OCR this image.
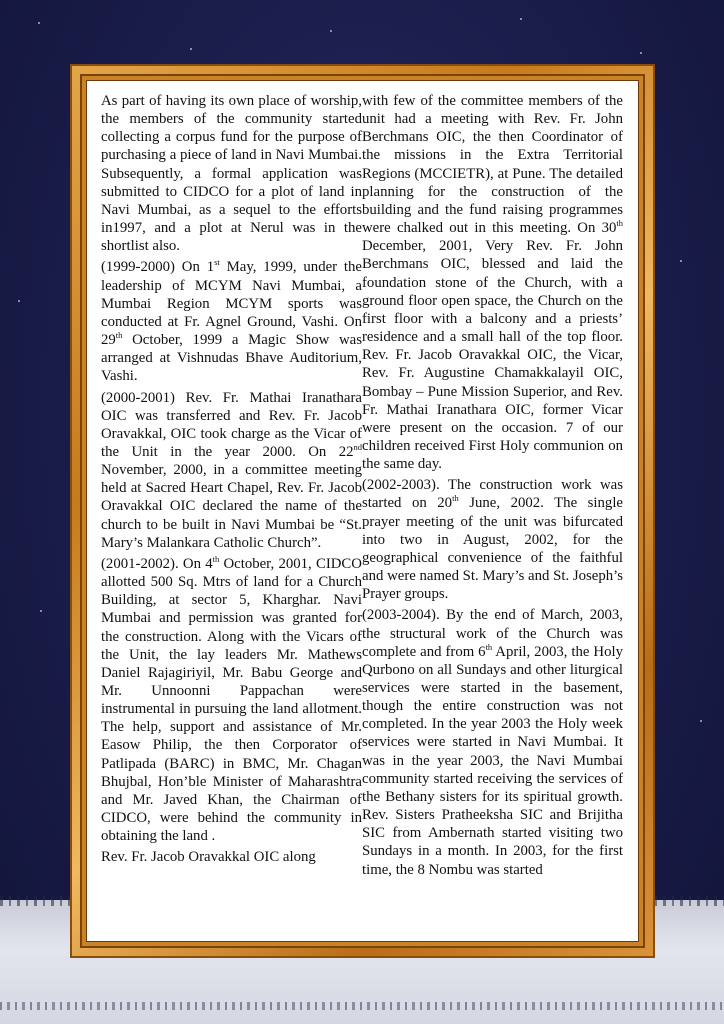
As part of having its own place of worship, the members of the community started collecting a corpus fund for the purpose of purchasing a piece of land in Navi Mumbai. Subsequently, a formal application was submitted to CIDCO for a plot of land in Navi Mumbai, as a sequel to the efforts in1997, and a plot at Nerul was in the shortlist also.

(1999-2000) On 1st May, 1999, under the leadership of MCYM Navi Mumbai, a Mumbai Region MCYM sports was conducted at Fr. Agnel Ground, Vashi. On 29th October, 1999 a Magic Show was arranged at Vishnudas Bhave Auditorium, Vashi.

(2000-2001) Rev. Fr. Mathai Iranathara OIC was transferred and Rev. Fr. Jacob Oravakkal, OIC took charge as the Vicar of the Unit in the year 2000. On 22nd November, 2000, in a committee meeting held at Sacred Heart Chapel, Rev. Fr. Jacob Oravakkal OIC declared the name of the church to be built in Navi Mumbai be “St. Mary’s Malankara Catholic Church”.

(2001-2002). On 4th October, 2001, CIDCO allotted 500 Sq. Mtrs of land for a Church Building, at sector 5, Kharghar. Navi Mumbai and permission was granted for the construction. Along with the Vicars of the Unit, the lay leaders Mr. Mathews Daniel Rajagiriyil, Mr. Babu George and Mr. Unnoonni Pappachan were instrumental in pursuing the land allotment. The help, support and assistance of Mr. Easow Philip, the then Corporator of Patlipada (BARC) in BMC, Mr. Chagan Bhujbal, Hon’ble Minister of Maharashtra and Mr. Javed Khan, the Chairman of CIDCO, were behind the community in obtaining the land .

Rev. Fr. Jacob Oravakkal OIC along

with few of the committee members of the unit had a meeting with Rev. Fr. John Berchmans OIC, the then Coordinator of the missions in the Extra Territorial Regions (MCCIETR), at Pune. The detailed planning for the construction of the building and the fund raising programmes were chalked out in this meeting. On 30th December, 2001, Very Rev. Fr. John Berchmans OIC, blessed and laid the foundation stone of the Church, with a ground floor open space, the Church on the first floor with a balcony and a priests’ residence and a small hall of the top floor. Rev. Fr. Jacob Oravakkal OIC, the Vicar, Rev. Fr. Augustine Chamakkalayil OIC, Bombay – Pune Mission Superior, and Rev. Fr. Mathai Iranathara OIC, former Vicar were present on the occasion. 7 of our children received First Holy communion on the same day.

(2002-2003). The construction work was started on 20th June, 2002. The single prayer meeting of the unit was bifurcated into two in August, 2002, for the geographical convenience of the faithful and were named St. Mary’s and St. Joseph’s Prayer groups.

(2003-2004). By the end of March, 2003, the structural work of the Church was complete and from 6th April, 2003, the Holy Qurbono on all Sundays and other liturgical services were started in the basement, though the entire construction was not completed. In the year 2003 the Holy week services were started in Navi Mumbai. It was in the year 2003, the Navi Mumbai community started receiving the services of the Bethany sisters for its spiritual growth. Rev. Sisters Pratheeksha SIC and Brijitha SIC from Ambernath started visiting two Sundays in a month. In 2003, for the first time, the 8 Nombu was started
